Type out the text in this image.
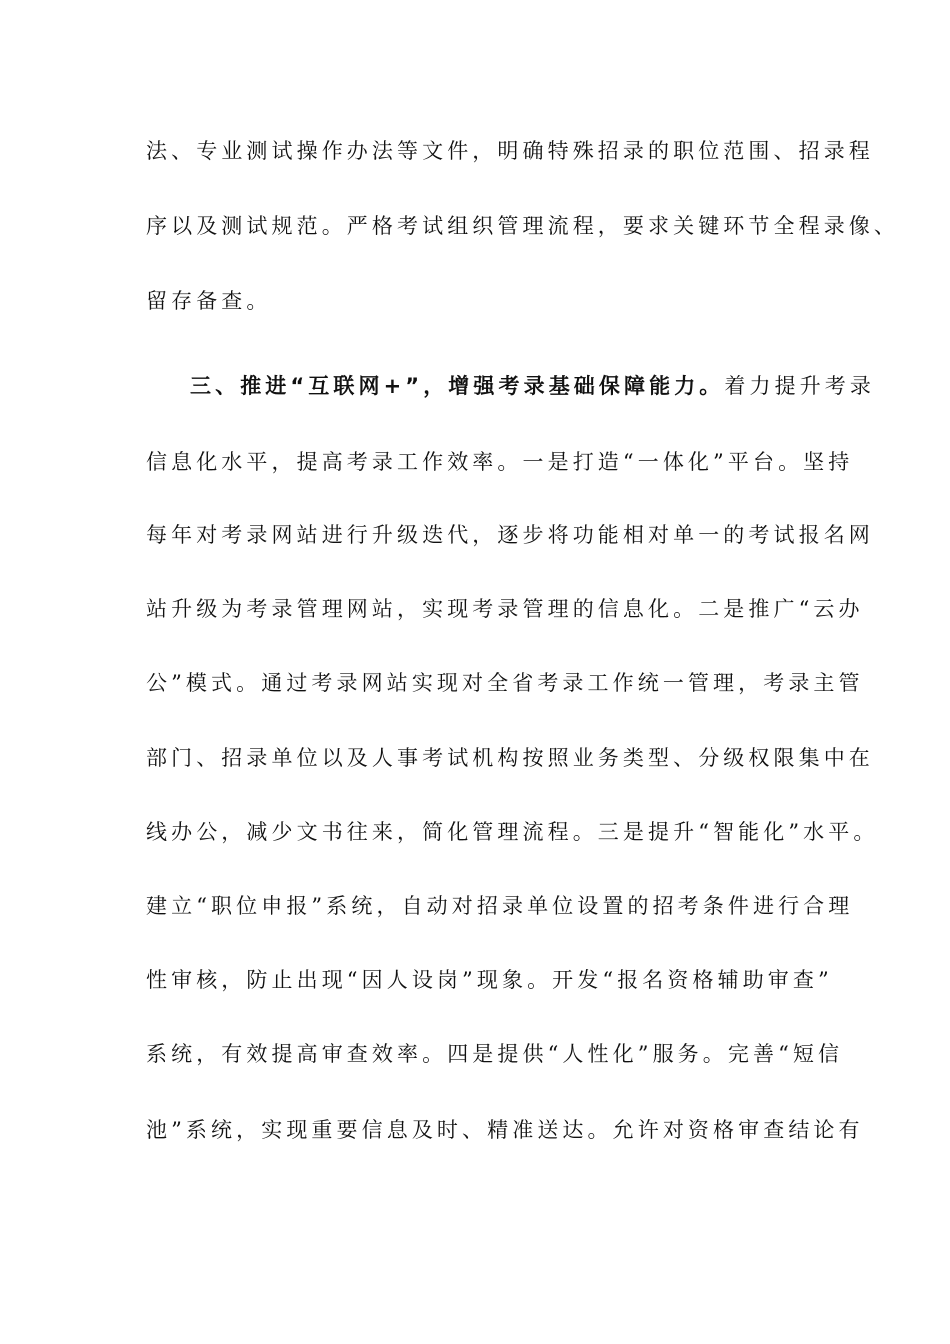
法、专业测试操作办法等文件，明确特殊招录的职位范围、招录程
序以及测试规范。严格考试组织管理流程，要求关键环节全程录像、
留存备查。
三、推进“互联网+”，增强考录基础保障能力。着力提升考录
信息化水平，提高考录工作效率。一是打造“一体化”平台。坚持
每年对考录网站进行升级迭代，逐步将功能相对单一的考试报名网
站升级为考录管理网站，实现考录管理的信息化。二是推广“云办
公”模式。通过考录网站实现对全省考录工作统一管理，考录主管
部门、招录单位以及人事考试机构按照业务类型、分级权限集中在
线办公，减少文书往来，简化管理流程。三是提升“智能化”水平。
建立“职位申报”系统，自动对招录单位设置的招考条件进行合理
性审核，防止出现“因人设岗”现象。开发“报名资格辅助审查”
系统，有效提高审查效率。四是提供“人性化”服务。完善“短信
池”系统，实现重要信息及时、精准送达。允许对资格审查结论有
